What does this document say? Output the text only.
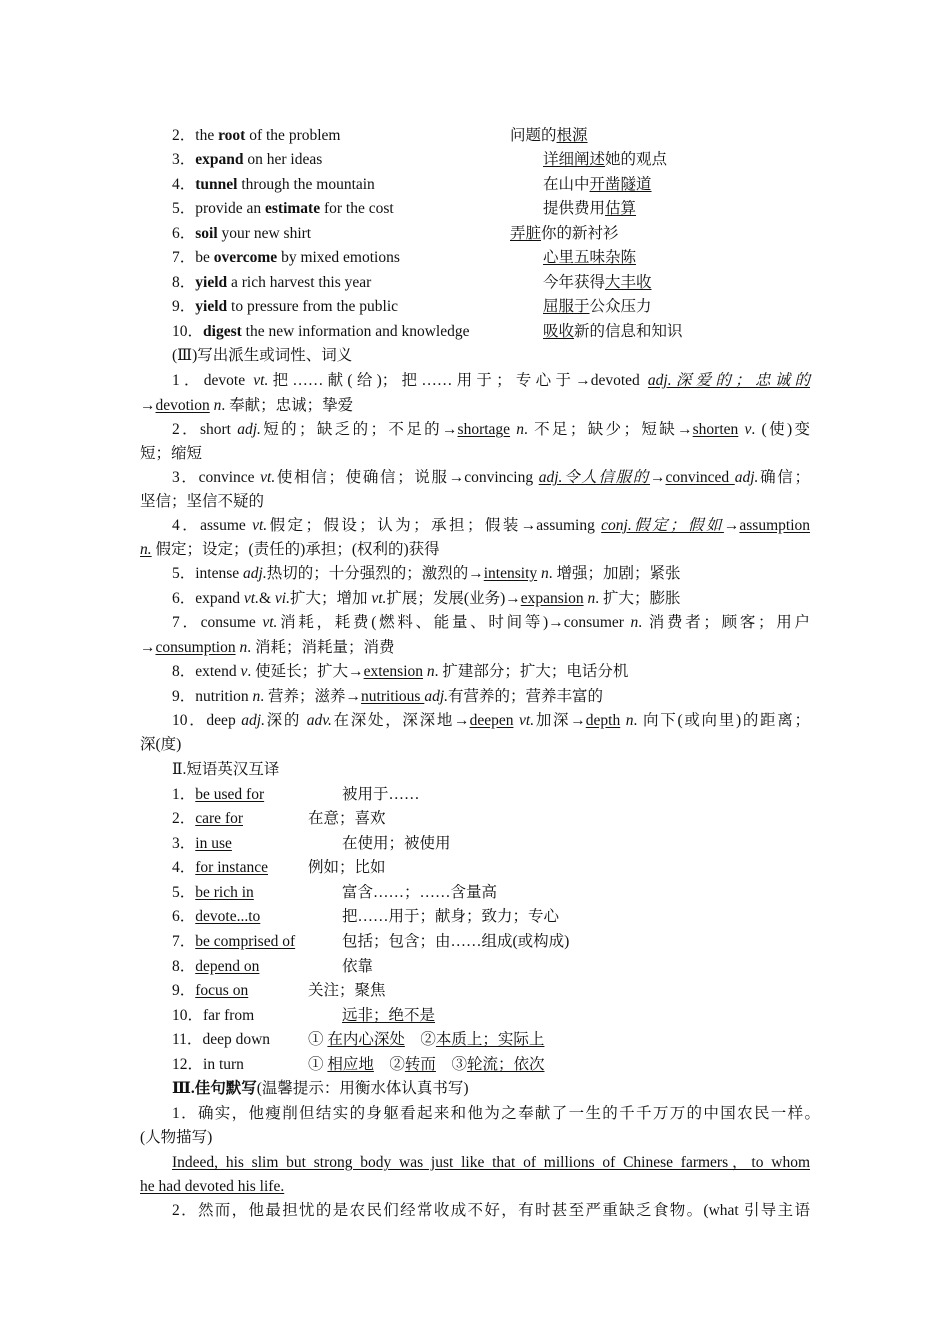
2．the root of the problem	问题的根源
3．expand on her ideas	详细阐述她的观点
4．tunnel through the mountain	在山中开凿隧道
5．provide an estimate for the cost	提供费用估算
6．soil your new shirt	弄脏你的新衬衫
7．be overcome by mixed emotions	心里五味杂陈
8．yield a rich harvest this year	今年获得大丰收
9．yield to pressure from the public	屈服于公众压力
10．digest the new information and knowledge	吸收新的信息和知识
(Ⅲ)写出派生或词性、词义
1．devote vt.把……献(给)；把……用于；专心于→devoted adj.深爱的；忠诚的
→devotion n. 奉献；忠诚；挚爱
2．short adj.短的；缺乏的；不足的→shortage n. 不足；缺少；短缺→shorten v. (使)变
短；缩短
3．convince vt.使相信；使确信；说服→convincing adj.令人信服的→convinced adj.确信；
坚信；坚信不疑的
4．assume vt.假定；假设；认为；承担；假装→assuming conj.假定；假如→assumption
n. 假定；设定；(责任的)承担；(权利的)获得
5．intense adj.热切的；十分强烈的；激烈的→intensity n. 增强；加剧；紧张
6．expand vt.& vi.扩大；增加 vt.扩展；发展(业务)→expansion n. 扩大；膨胀
7．consume vt.消耗，耗费(燃料、能量、时间等)→consumer n. 消费者；顾客；用户
→consumption n. 消耗；消耗量；消费
8．extend v. 使延长；扩大→extension n. 扩建部分；扩大；电话分机
9．nutrition n. 营养；滋养→nutritious adj.有营养的；营养丰富的
10．deep adj.深的 adv.在深处，深深地→deepen vt.加深→depth n. 向下(或向里)的距离；
深(度)
Ⅱ.短语英汉互译
1．be used for	被用于……
2．care for	在意；喜欢
3．in use	在使用；被使用
4．for instance	例如；比如
5．be rich in	富含……；……含量高
6．devote...to	把……用于；献身；致力；专心
7．be comprised of	包括；包含；由……组成(或构成)
8．depend on	依靠
9．focus on	关注；聚焦
10．far from	远非；绝不是
11．deep down ① 在内心深处　②本质上；实际上
12．in turn	① 相应地　②转而　③轮流；依次
Ⅲ.佳句默写(温馨提示：用衡水体认真书写)
1．确实，他瘦削但结实的身躯看起来和他为之奉献了一生的千千万万的中国农民一样。
(人物描写)
Indeed, his slim but strong body was just like that of millions of Chinese farmers，to whom
he had devoted his life.
2．然而，他最担忧的是农民们经常收成不好，有时甚至严重缺乏食物。(what 引导主语
